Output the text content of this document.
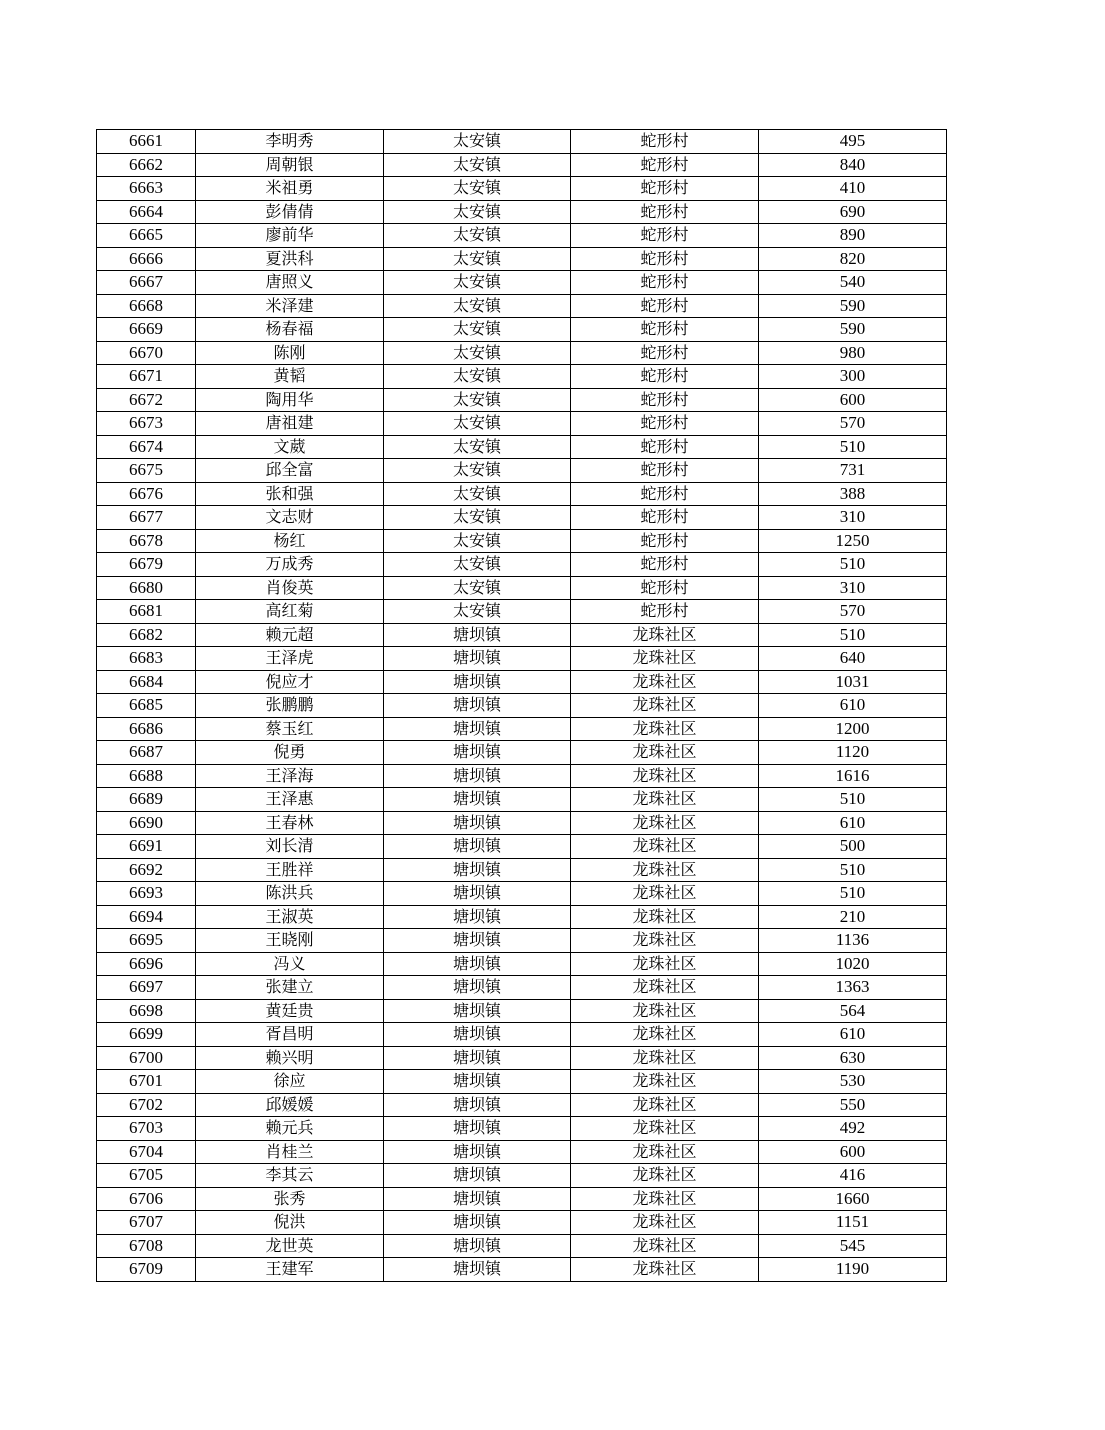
6661	李明秀	太安镇	蛇形村	495
6662	周朝银	太安镇	蛇形村	840
6663	米祖勇	太安镇	蛇形村	410
6664	彭倩倩	太安镇	蛇形村	690
6665	廖前华	太安镇	蛇形村	890
6666	夏洪科	太安镇	蛇形村	820
6667	唐照义	太安镇	蛇形村	540
6668	米泽建	太安镇	蛇形村	590
6669	杨春福	太安镇	蛇形村	590
6670	陈刚	太安镇	蛇形村	980
6671	黄韬	太安镇	蛇形村	300
6672	陶用华	太安镇	蛇形村	600
6673	唐祖建	太安镇	蛇形村	570
6674	文葳	太安镇	蛇形村	510
6675	邱全富	太安镇	蛇形村	731
6676	张和强	太安镇	蛇形村	388
6677	文志财	太安镇	蛇形村	310
6678	杨红	太安镇	蛇形村	1250
6679	万成秀	太安镇	蛇形村	510
6680	肖俊英	太安镇	蛇形村	310
6681	高红菊	太安镇	蛇形村	570
6682	赖元超	塘坝镇	龙珠社区	510
6683	王泽虎	塘坝镇	龙珠社区	640
6684	倪应才	塘坝镇	龙珠社区	1031
6685	张鹏鹏	塘坝镇	龙珠社区	610
6686	蔡玉红	塘坝镇	龙珠社区	1200
6687	倪勇	塘坝镇	龙珠社区	1120
6688	王泽海	塘坝镇	龙珠社区	1616
6689	王泽惠	塘坝镇	龙珠社区	510
6690	王春林	塘坝镇	龙珠社区	610
6691	刘长清	塘坝镇	龙珠社区	500
6692	王胜祥	塘坝镇	龙珠社区	510
6693	陈洪兵	塘坝镇	龙珠社区	510
6694	王淑英	塘坝镇	龙珠社区	210
6695	王晓刚	塘坝镇	龙珠社区	1136
6696	冯义	塘坝镇	龙珠社区	1020
6697	张建立	塘坝镇	龙珠社区	1363
6698	黄廷贵	塘坝镇	龙珠社区	564
6699	胥昌明	塘坝镇	龙珠社区	610
6700	赖兴明	塘坝镇	龙珠社区	630
6701	徐应	塘坝镇	龙珠社区	530
6702	邱媛媛	塘坝镇	龙珠社区	550
6703	赖元兵	塘坝镇	龙珠社区	492
6704	肖桂兰	塘坝镇	龙珠社区	600
6705	李其云	塘坝镇	龙珠社区	416
6706	张秀	塘坝镇	龙珠社区	1660
6707	倪洪	塘坝镇	龙珠社区	1151
6708	龙世英	塘坝镇	龙珠社区	545
6709	王建军	塘坝镇	龙珠社区	1190
